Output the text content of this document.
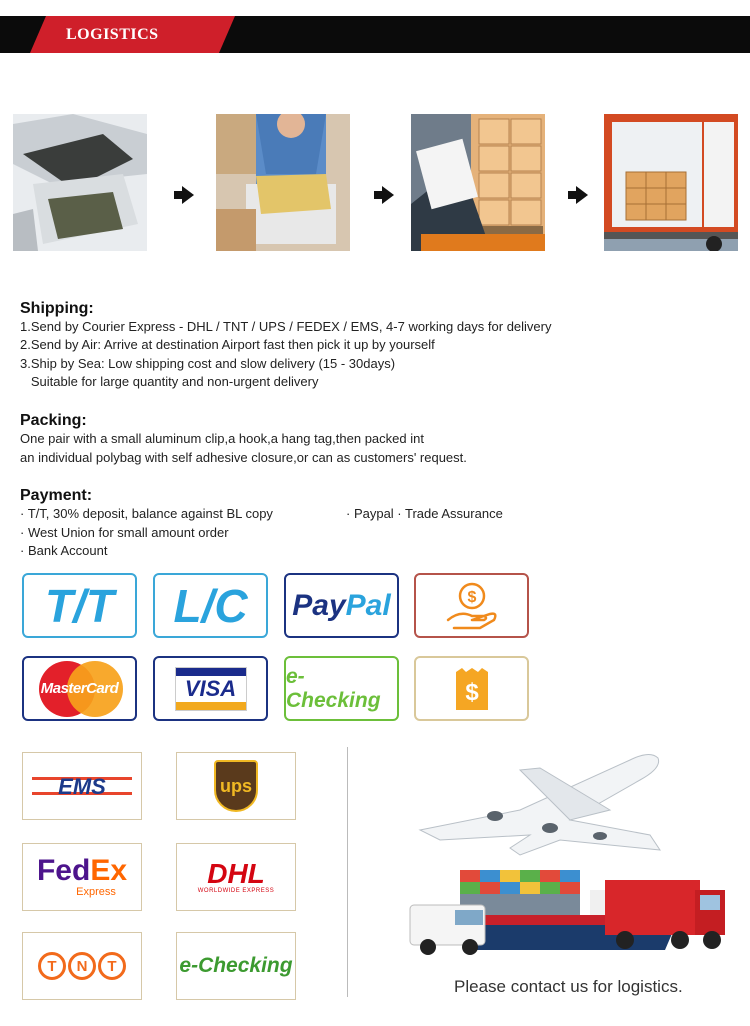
LOGISTICS
Shipping:
1.Send by Courier Express - DHL / TNT / UPS / FEDEX / EMS, 4-7 working days for delivery
2.Send by Air: Arrive at destination Airport fast then pick it up by yourself
3.Ship by Sea: Low shipping cost and slow delivery (15 - 30days)
Suitable for large quantity and non-urgent delivery
Packing:
One pair with a small aluminum clip,a hook,a hang tag,then packed int
an individual polybag with self adhesive closure,or can as customers' request.
Payment:
· T/T, 30% deposit, balance against BL copy	· Paypal · Trade Assurance
· West Union for small amount order
· Bank Account
T/T L/C PayPal	$
MasterCard	VISA e-Checking	$
EMS	ups
FedEx
Express
DHL
WORLDWIDE EXPRESS
T	N	T	e-Checking
Please contact us for logistics.
